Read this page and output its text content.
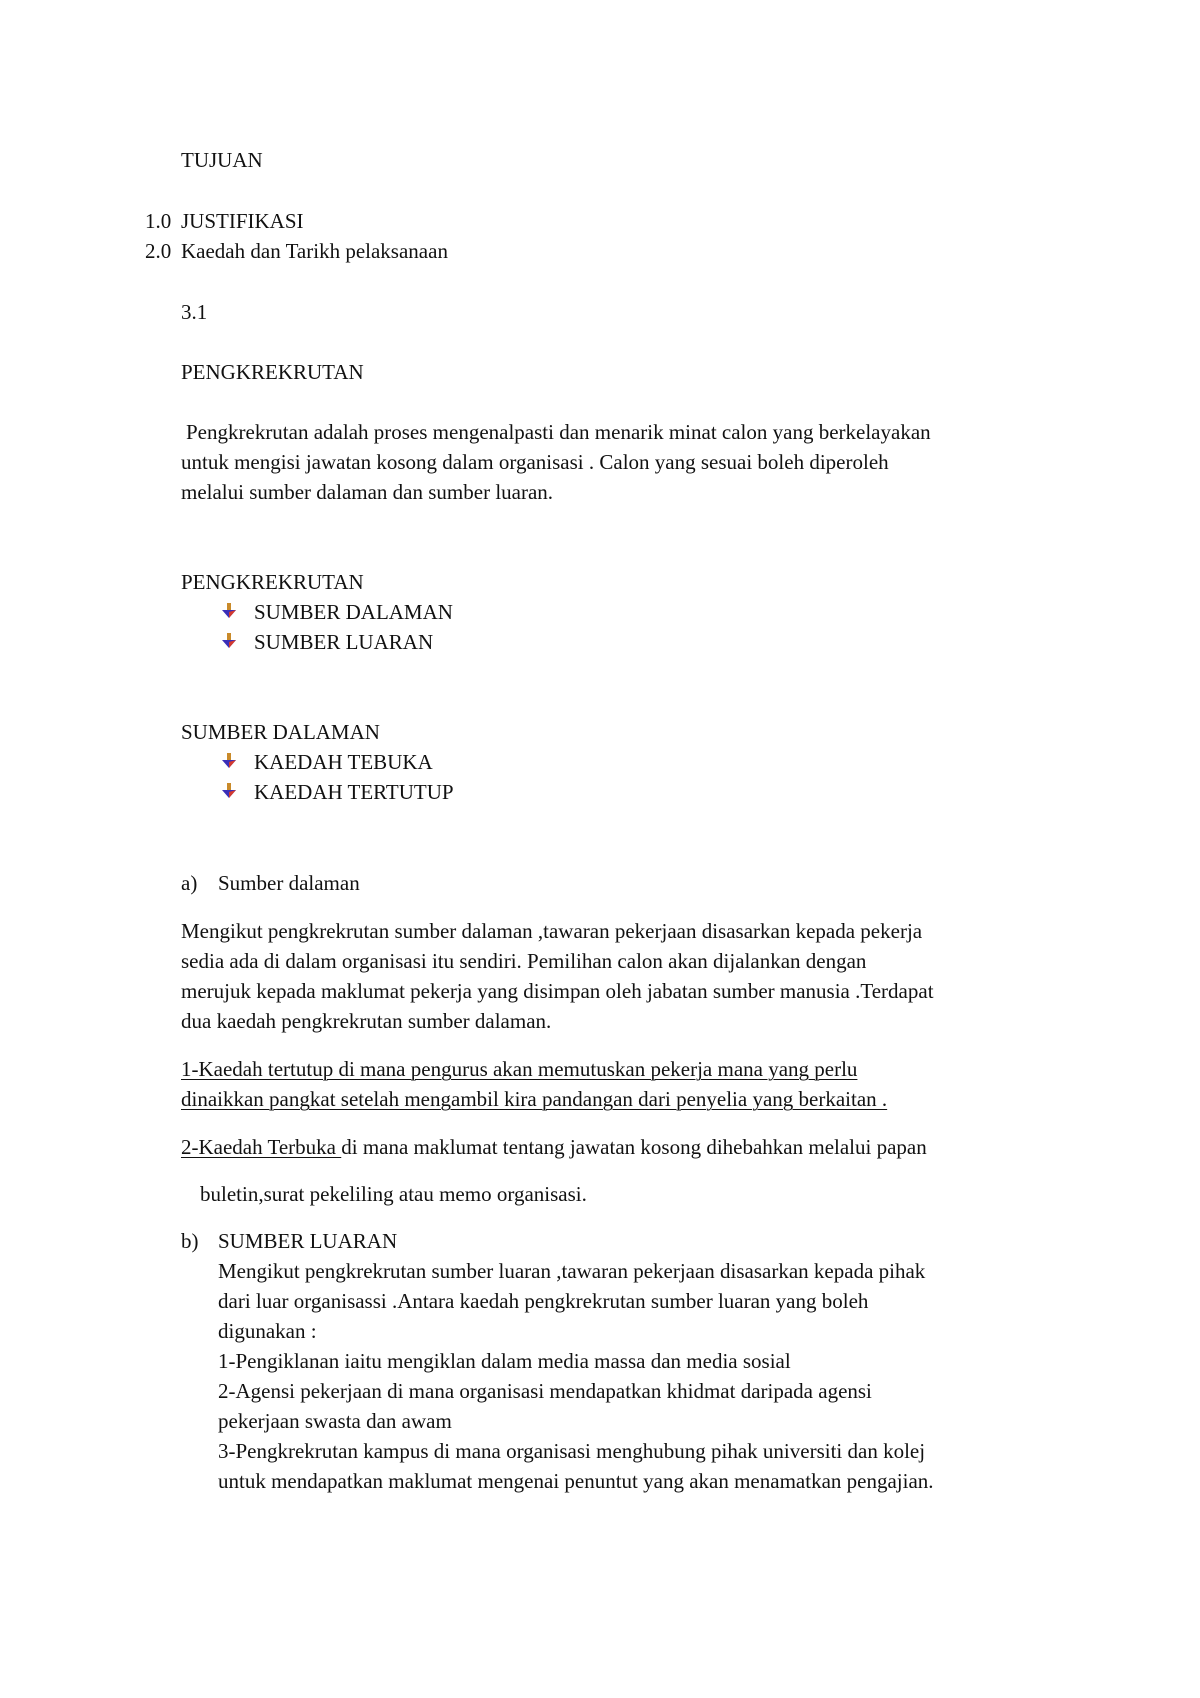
TUJUAN
1.0 JUSTIFIKASI
2.0 Kaedah dan Tarikh pelaksanaan
3.1
PENGKREKRUTAN
Pengkrekrutan adalah proses mengenalpasti dan menarik minat calon yang berkelayakan
untuk mengisi jawatan kosong dalam organisasi . Calon yang sesuai boleh diperoleh
melalui sumber dalaman dan sumber luaran.
PENGKREKRUTAN
SUMBER DALAMAN
SUMBER LUARAN
SUMBER DALAMAN
KAEDAH TEBUKA
KAEDAH TERTUTUP
a) Sumber dalaman
Mengikut pengkrekrutan sumber dalaman ,tawaran pekerjaan disasarkan kepada pekerja
sedia ada di dalam organisasi itu sendiri. Pemilihan calon akan dijalankan dengan
merujuk kepada maklumat pekerja yang disimpan oleh jabatan sumber manusia .Terdapat
dua kaedah pengkrekrutan sumber dalaman.
1-Kaedah tertutup di mana pengurus akan memutuskan pekerja mana yang perlu
dinaikkan pangkat setelah mengambil kira pandangan dari penyelia yang berkaitan .
2-Kaedah Terbuka di mana maklumat tentang jawatan kosong dihebahkan melalui papan
buletin,surat pekeliling atau memo organisasi.
b) SUMBER LUARAN
Mengikut pengkrekrutan sumber luaran ,tawaran pekerjaan disasarkan kepada pihak
dari luar organisassi .Antara kaedah pengkrekrutan sumber luaran yang boleh
digunakan :
1-Pengiklanan iaitu mengiklan dalam media massa dan media sosial
2-Agensi pekerjaan di mana organisasi mendapatkan khidmat daripada agensi
pekerjaan swasta dan awam
3-Pengkrekrutan kampus di mana organisasi menghubung pihak universiti dan kolej
untuk mendapatkan maklumat mengenai penuntut yang akan menamatkan pengajian.
